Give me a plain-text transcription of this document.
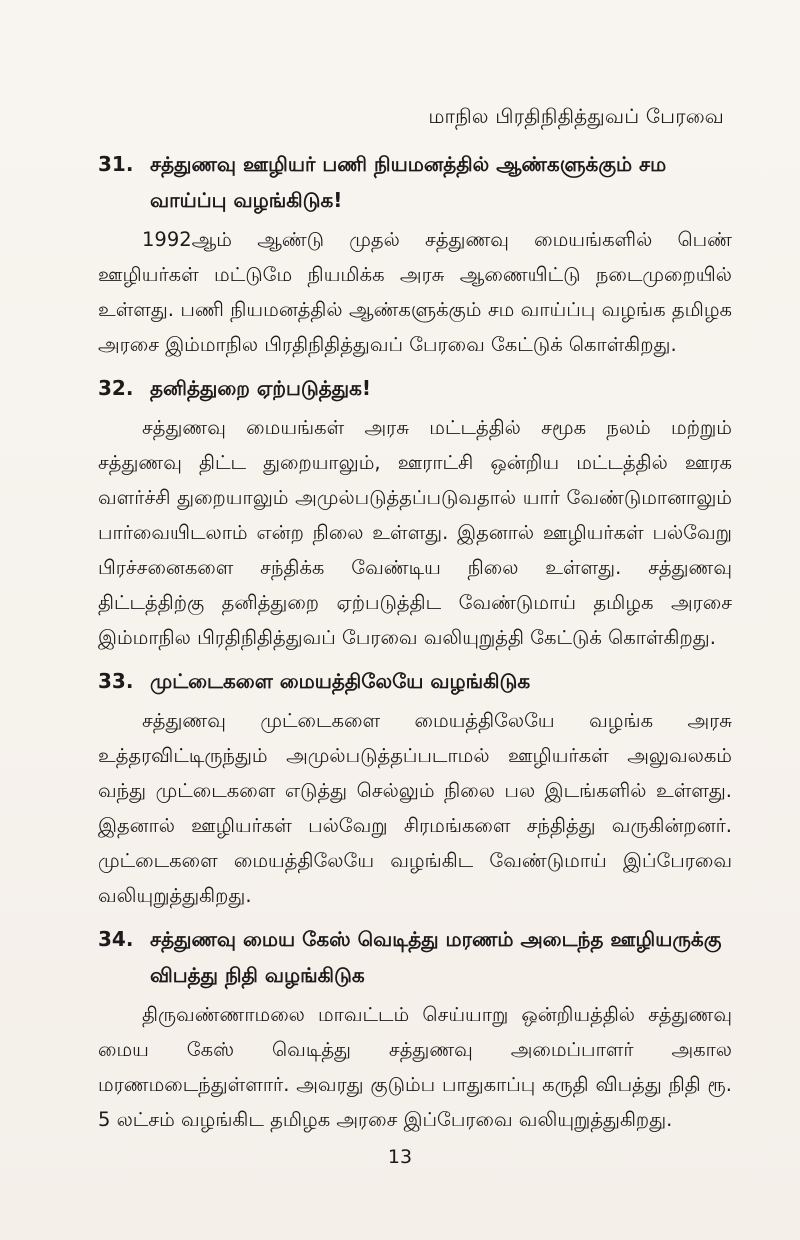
மாநில பிரதிநிதித்துவப் பேரவை
31. சத்துணவு ஊழியர் பணி நியமனத்தில் ஆண்களுக்கும் சம வாய்ப்பு வழங்கிடுக!
1992ஆம் ஆண்டு முதல் சத்துணவு மையங்களில் பெண் ஊழியர்கள் மட்டுமே நியமிக்க அரசு ஆணையிட்டு நடைமுறையில் உள்ளது. பணி நியமனத்தில் ஆண்களுக்கும் சம வாய்ப்பு வழங்க தமிழக அரசை இம்மாநில பிரதிநிதித்துவப் பேரவை கேட்டுக் கொள்கிறது.
32. தனித்துறை ஏற்படுத்துக!
சத்துணவு மையங்கள் அரசு மட்டத்தில் சமூக நலம் மற்றும் சத்துணவு திட்ட துறையாலும், ஊராட்சி ஒன்றிய மட்டத்தில் ஊரக வளர்ச்சி துறையாலும் அமுல்படுத்தப்படுவதால் யார் வேண்டுமானாலும் பார்வையிடலாம் என்ற நிலை உள்ளது. இதனால் ஊழியர்கள் பல்வேறு பிரச்சனைகளை சந்திக்க வேண்டிய நிலை உள்ளது. சத்துணவு திட்டத்திற்கு தனித்துறை ஏற்படுத்திட வேண்டுமாய் தமிழக அரசை இம்மாநில பிரதிநிதித்துவப் பேரவை வலியுறுத்தி கேட்டுக் கொள்கிறது.
33. முட்டைகளை மையத்திலேயே வழங்கிடுக
சத்துணவு முட்டைகளை மையத்திலேயே வழங்க அரசு உத்தரவிட்டிருந்தும் அமுல்படுத்தப்படாமல் ஊழியர்கள் அலுவலகம் வந்து முட்டைகளை எடுத்து செல்லும் நிலை பல இடங்களில் உள்ளது. இதனால் ஊழியர்கள் பல்வேறு சிரமங்களை சந்தித்து வருகின்றனர். முட்டைகளை மையத்திலேயே வழங்கிட வேண்டுமாய் இப்பேரவை வலியுறுத்துகிறது.
34. சத்துணவு மைய கேஸ் வெடித்து மரணம் அடைந்த ஊழியருக்கு விபத்து நிதி வழங்கிடுக
திருவண்ணாமலை மாவட்டம் செய்யாறு ஒன்றியத்தில் சத்துணவு மைய கேஸ் வெடித்து சத்துணவு அமைப்பாளர் அகால மரணமடைந்துள்ளார். அவரது குடும்ப பாதுகாப்பு கருதி விபத்து நிதி ரூ. 5 லட்சம் வழங்கிட தமிழக அரசை இப்பேரவை வலியுறுத்துகிறது.
13
